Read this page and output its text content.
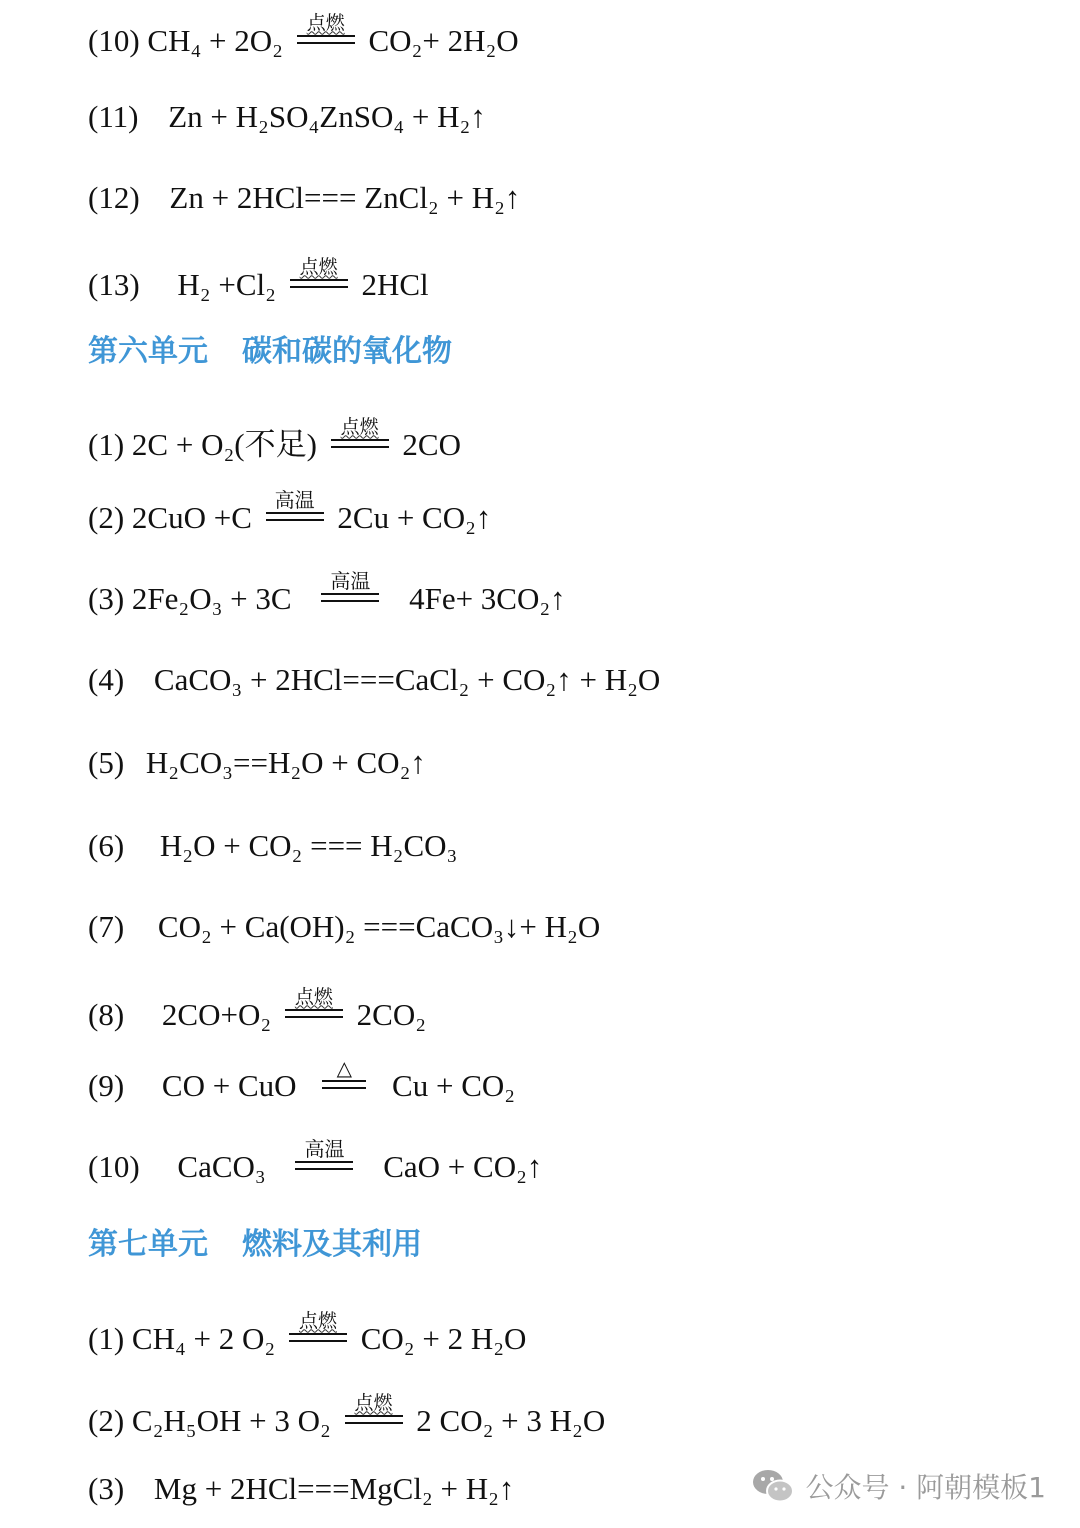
(10) CH₄ + 2O₂ 点燃 CO₂+ 2H₂O
(11) Zn + H₂SO₄ZnSO₄ + H₂↑
(12) Zn + 2HCl=== ZnCl₂ + H₂↑
(13) H₂ +Cl₂ 点燃 2HCl
第六单元 碳和碳的氧化物
(1) 2C + O₂(不足) 点燃 2CO
(2) 2CuO +C 高温 2Cu + CO₂↑
(3) 2Fe₂O₃ + 3C 高温 4Fe+ 3CO₂↑
(4) CaCO₃ + 2HCl===CaCl₂ + CO₂↑ + H₂O
(5) H₂CO₃==H₂O + CO₂↑
(6) H₂O + CO₂ === H₂CO₃
(7) CO₂ + Ca(OH)₂ ===CaCO₃↓+ H₂O
(8) 2CO+O₂ 点燃 2CO₂
(9) CO + CuO △ Cu + CO₂
(10) CaCO₃ 高温 CaO + CO₂↑
第七单元 燃料及其利用
(1) CH₄ + 2 O₂ 点燃 CO₂ + 2 H₂O
(2) C₂H₅OH + 3 O₂ 点燃 2 CO₂ + 3 H₂O
(3) Mg + 2HCl===MgCl₂ + H₂↑	公众号 · 阿朝模板1
